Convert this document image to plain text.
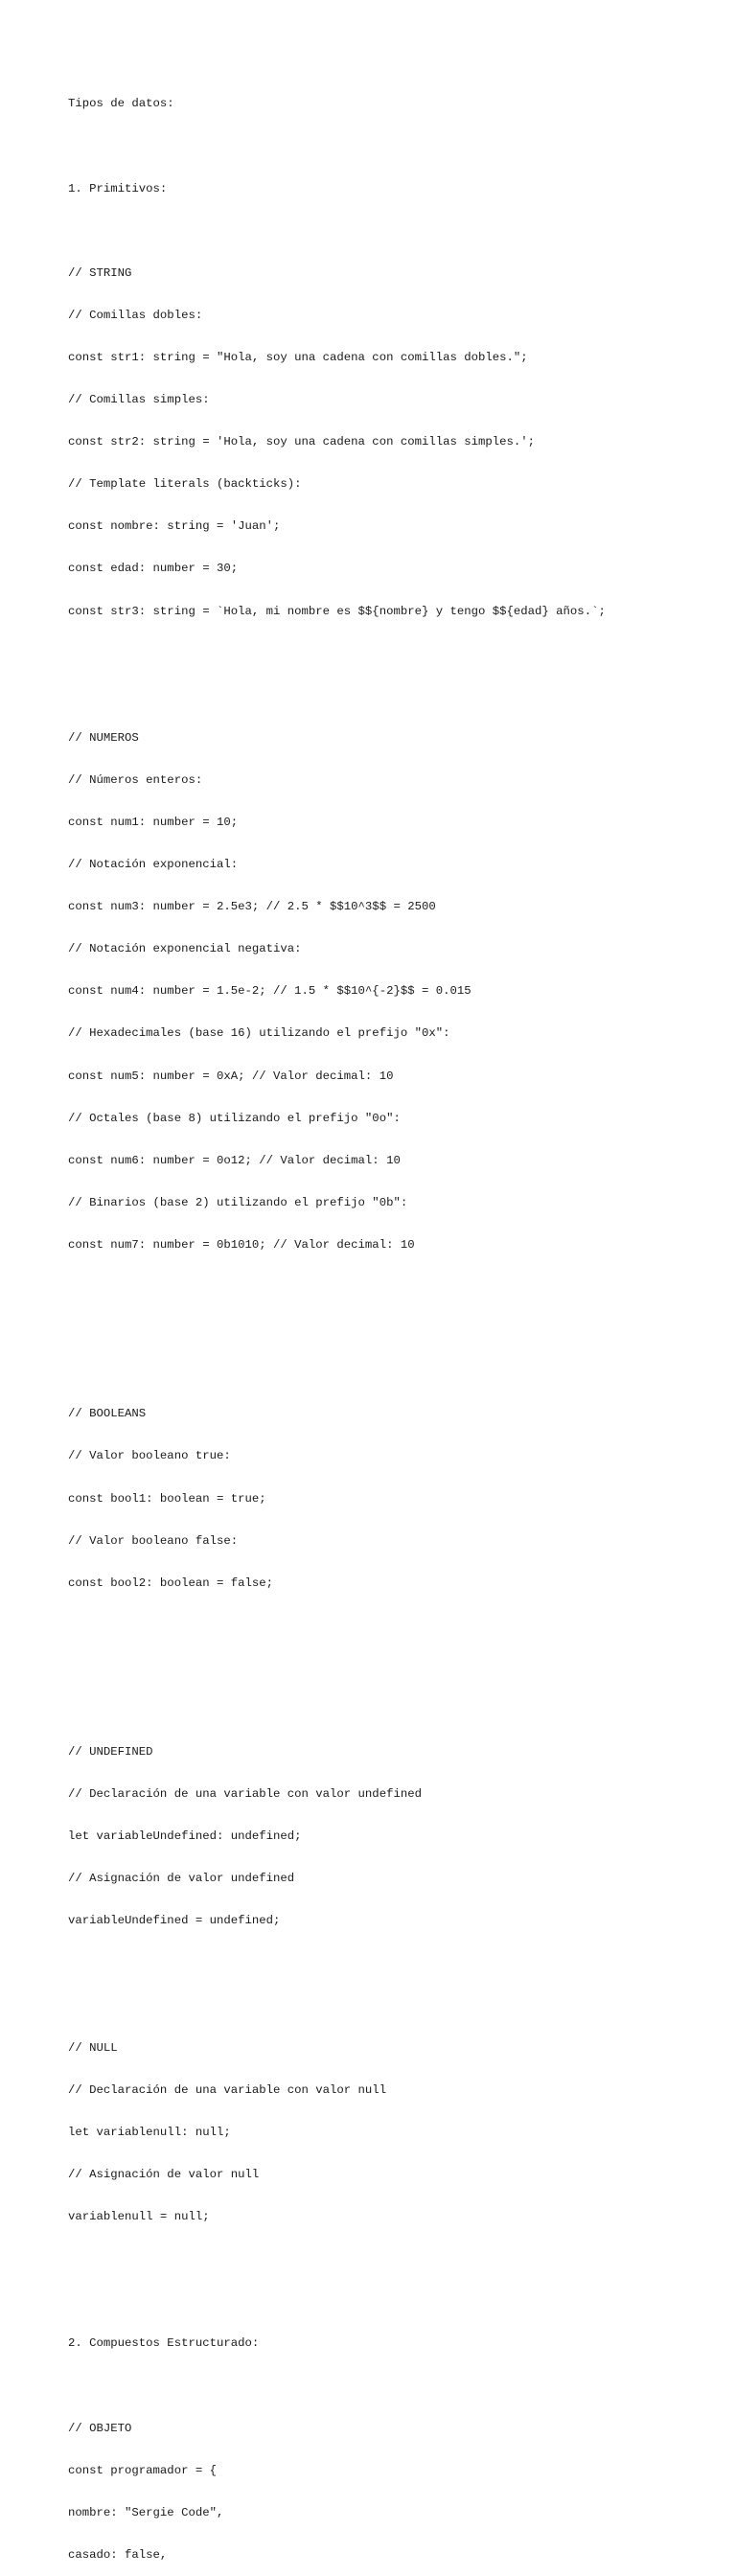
Tipos de datos:

1. Primitivos:

// STRING

// Comillas dobles:

const str1: string = "Hola, soy una cadena con comillas dobles.";

// Comillas simples:

const str2: string = 'Hola, soy una cadena con comillas simples.';

// Template literals (backticks):

const nombre: string = 'Juan';

const edad: number = 30;

const str3: string = `Hola, mi nombre es $${nombre} y tengo $${edad} años.`;

// NUMEROS

// Números enteros:

const num1: number = 10;

// Notación exponencial:

const num3: number = 2.5e3; // 2.5 * $$10^3$$ = 2500

// Notación exponencial negativa:

const num4: number = 1.5e-2; // 1.5 * $$10^{-2}$$ = 0.015

// Hexadecimales (base 16) utilizando el prefijo "0x":

const num5: number = 0xA; // Valor decimal: 10

// Octales (base 8) utilizando el prefijo "0o":

const num6: number = 0o12; // Valor decimal: 10

// Binarios (base 2) utilizando el prefijo "0b":

const num7: number = 0b1010; // Valor decimal: 10

// BOOLEANS

// Valor booleano true:

const bool1: boolean = true;

// Valor booleano false:

const bool2: boolean = false;

// UNDEFINED

// Declaración de una variable con valor undefined

let variableUndefined: undefined;

// Asignación de valor undefined

variableUndefined = undefined;

// NULL

// Declaración de una variable con valor null

let variablenull: null;

// Asignación de valor null

variablenull = null;

2. Compuestos Estructurado:

// OBJETO

const programador = {

nombre: "Sergie Code",

casado: false,
